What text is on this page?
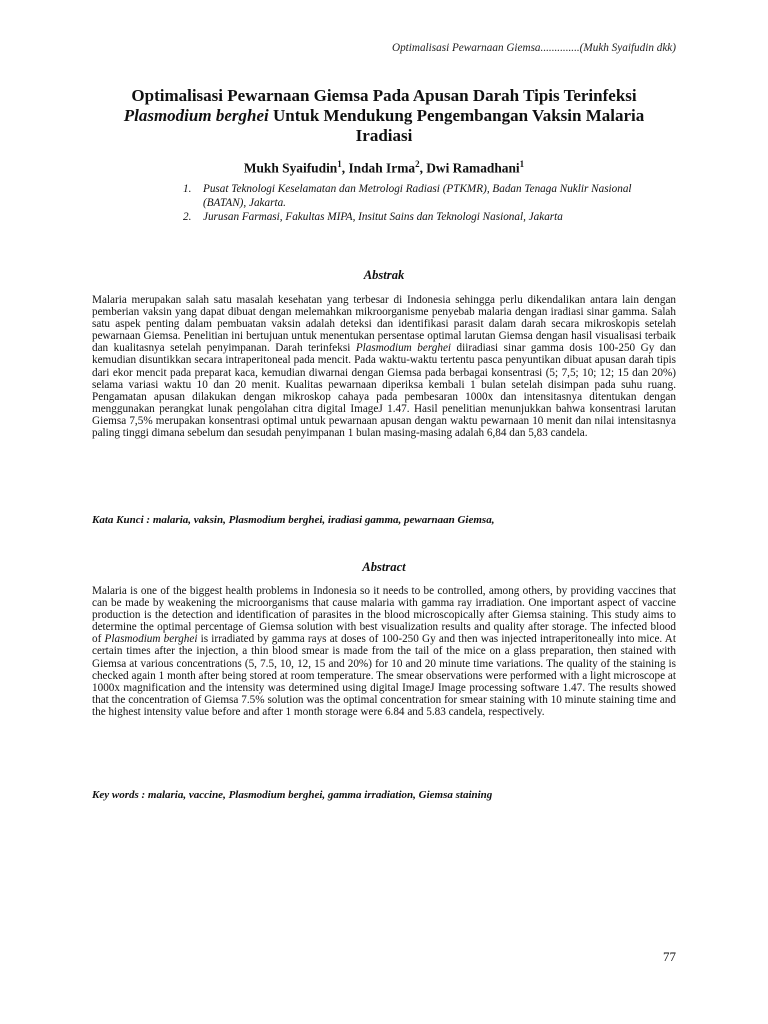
Optimalisasi Pewarnaan Giemsa..............(Mukh Syaifudin dkk)
Optimalisasi Pewarnaan Giemsa Pada Apusan Darah Tipis Terinfeksi
Plasmodium berghei Untuk Mendukung Pengembangan Vaksin Malaria
Iradiasi
Mukh Syaifudin$^1$, Indah Irma$^2$, Dwi Ramadhani$^1$
1. Pusat Teknologi Keselamatan dan Metrologi Radiasi (PTKMR), Badan Tenaga Nuklir Nasional (BATAN), Jakarta.
2. Jurusan Farmasi, Fakultas MIPA, Insitut Sains dan Teknologi Nasional, Jakarta
Abstrak
Malaria merupakan salah satu masalah kesehatan yang terbesar di Indonesia sehingga perlu dikendalikan antara lain dengan pemberian vaksin yang dapat dibuat dengan melemahkan mikroorganisme penyebab malaria dengan iradiasi sinar gamma. Salah satu aspek penting dalam pembuatan vaksin adalah deteksi dan identifikasi parasit dalam darah secara mikroskopis setelah pewarnaan Giemsa. Penelitian ini bertujuan untuk menentukan persentase optimal larutan Giemsa dengan hasil visualisasi terbaik dan kualitasnya setelah penyimpanan. Darah terinfeksi Plasmodium berghei diiradiasi sinar gamma dosis 100-250 Gy dan kemudian disuntikkan secara intraperitoneal pada mencit. Pada waktu-waktu tertentu pasca penyuntikan dibuat apusan darah tipis dari ekor mencit pada preparat kaca, kemudian diwarnai dengan Giemsa pada berbagai konsentrasi (5; 7,5; 10; 12; 15 dan 20%) selama variasi waktu 10 dan 20 menit. Kualitas pewarnaan diperiksa kembali 1 bulan setelah disimpan pada suhu ruang. Pengamatan apusan dilakukan dengan mikroskop cahaya pada pembesaran 1000x dan intensitasnya ditentukan dengan menggunakan perangkat lunak pengolahan citra digital ImageJ 1.47. Hasil penelitian menunjukkan bahwa konsentrasi larutan Giemsa 7,5% merupakan konsentrasi optimal untuk pewarnaan apusan dengan waktu pewarnaan 10 menit dan nilai intensitasnya paling tinggi dimana sebelum dan sesudah penyimpanan 1 bulan masing-masing adalah 6,84 dan 5,83 candela.
Kata Kunci : malaria, vaksin, Plasmodium berghei, iradiasi gamma, pewarnaan Giemsa,
Abstract
Malaria is one of the biggest health problems in Indonesia so it needs to be controlled, among others, by providing vaccines that can be made by weakening the microorganisms that cause malaria with gamma ray irradiation. One important aspect of vaccine production is the detection and identification of parasites in the blood microscopically after Giemsa staining. This study aims to determine the optimal percentage of Giemsa solution with best visualization results and quality after storage. The infected blood of Plasmodium berghei is irradiated by gamma rays at doses of 100-250 Gy and then was injected intraperitoneally into mice. At certain times after the injection, a thin blood smear is made from the tail of the mice on a glass preparation, then stained with Giemsa at various concentrations (5, 7.5, 10, 12, 15 and 20%) for 10 and 20 minute time variations. The quality of the staining is checked again 1 month after being stored at room temperature. The smear observations were performed with a light microscope at 1000x magnification and the intensity was determined using digital ImageJ Image processing software 1.47. The results showed that the concentration of Giemsa 7.5% solution was the optimal concentration for smear staining with 10 minute staining time and the highest intensity value before and after 1 month storage were 6.84 and 5.83 candela, respectively.
Key words : malaria, vaccine, Plasmodium berghei, gamma irradiation, Giemsa staining
77
